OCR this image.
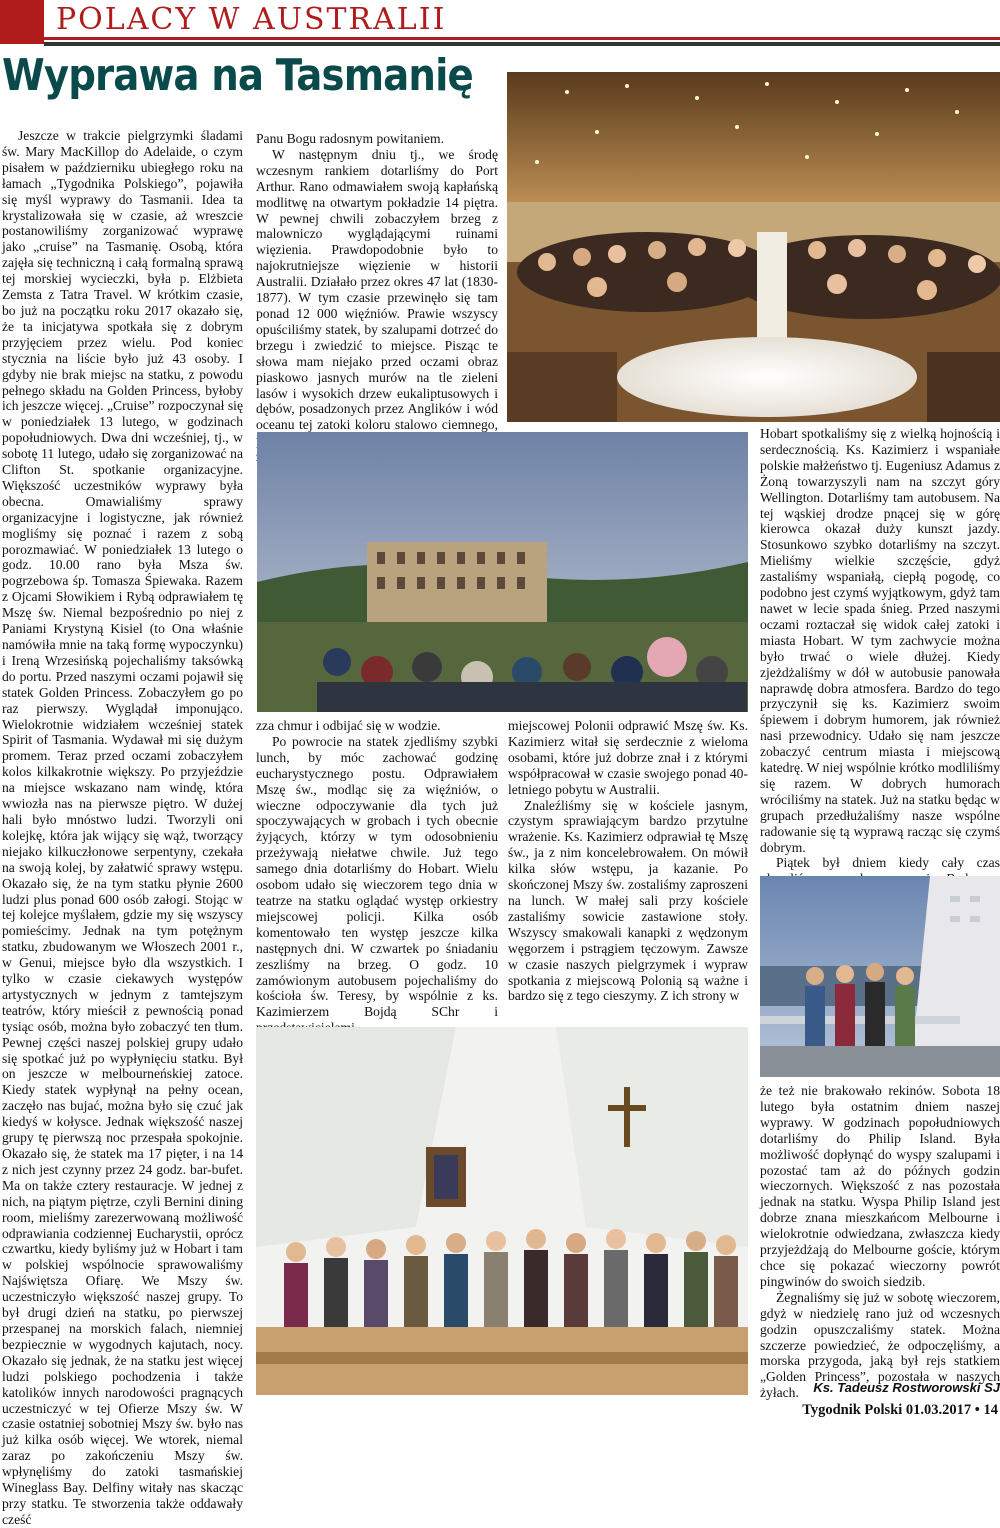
POLACY W AUSTRALII
Wyprawa na Tasmanię

Jeszcze w trakcie pielgrzymki śladami św. Mary MacKillop do Adelaide, o czym pisałem w październiku ubiegłego roku na łamach „Tygodnika Polskiego”, pojawiła się myśl wyprawy do Tasmanii. Idea ta krystalizowała się w czasie, aż wreszcie postanowiliśmy zorganizować wyprawę jako „cruise” na Tasmanię. Osobą, która zajęła się techniczną i całą formalną sprawą tej morskiej wycieczki, była p. Elżbieta Zemsta z Tatra Travel. W krótkim czasie, bo już na początku roku 2017 okazało się, że ta inicjatywa spotkała się z dobrym przyjęciem przez wielu. Pod koniec stycznia na liście było już 43 osoby. I gdyby nie brak miejsc na statku, z powodu pełnego składu na Golden Princess, byłoby ich jeszcze więcej. „Cruise” rozpoczynał się w poniedziałek 13 lutego, w godzinach popołudniowych. Dwa dni wcześniej, tj., w sobotę 11 lutego, udało się zorganizować na Clifton St. spotkanie organizacyjne. Większość uczestników wyprawy była obecna. Omawialiśmy sprawy organizacyjne i logistyczne, jak również mogliśmy się poznać i razem z sobą porozmawiać. W poniedziałek 13 lutego o godz. 10.00 rano była Msza św. pogrzebowa śp. Tomasza Śpiewaka. Razem z Ojcami Słowikiem i Rybą odprawiałem tę Mszę św. Niemal bezpośrednio po niej z Paniami Krystyną Kisiel (to Ona właśnie namówiła mnie na taką formę wypoczynku) i Ireną Wrzesińską pojechaliśmy taksówką do portu. Przed naszymi oczami pojawił się statek Golden Princess. Zobaczyłem go po raz pierwszy. Wyglądał imponująco. Wielokrotnie widziałem wcześniej statek Spirit of Tasmania. Wydawał mi się dużym promem. Teraz przed oczami zobaczyłem kolos kilkakrotnie większy. Po przyjeździe na miejsce wskazano nam windę, która wwiozła nas na pierwsze piętro. W dużej hali było mnóstwo ludzi. Tworzyli oni kolejkę, która jak wijący się wąż, tworzący niejako kilkuczłonowe serpentyny, czekała na swoją kolej, by załatwić sprawy wstępu. Okazało się, że na tym statku płynie 2600 ludzi plus ponad 600 osób załogi. Stojąc w tej kolejce myślałem, gdzie my się wszyscy pomieścimy. Jednak na tym potężnym statku, zbudowanym we Włoszech 2001 r., w Genui, miejsce było dla wszystkich. I tylko w czasie ciekawych występów artystycznych w jednym z tamtejszym teatrów, który mieścił z pewnością ponad tysiąc osób, można było zobaczyć ten tłum. Pewnej części naszej polskiej grupy udało się spotkać już po wypłynięciu statku. Był on jeszcze w melbourneńskiej zatoce. Kiedy statek wypłynął na pełny ocean, zaczęło nas bujać, można było się czuć jak kiedyś w kołysce. Jednak większość naszej grupy tę pierwszą noc przespała spokojnie. Okazało się, że statek ma 17 pięter, i na 14 z nich jest czynny przez 24 godz. bar-bufet. Ma on także cztery restauracje. W jednej z nich, na piątym piętrze, czyli Bernini dining room, mieliśmy zarezerwowaną możliwość odprawiania codziennej Eucharystii, oprócz czwartku, kiedy byliśmy już w Hobart i tam w polskiej wspólnocie sprawowaliśmy Najświętsza Ofiarę. We Mszy św. uczestniczyło większość naszej grupy. To był drugi dzień na statku, po pierwszej przespanej na morskich falach, niemniej bezpiecznie w wygodnych kajutach, nocy. Okazało się jednak, że na statku jest więcej ludzi polskiego pochodzenia i także katolików innych narodowości pragnących uczestniczyć w tej Ofierze Mszy św. W czasie ostatniej sobotniej Mszy św. było nas już kilka osób więcej. We wtorek, niemal zaraz po zakończeniu Mszy św. wpłynęliśmy do zatoki tasmańskiej Wineglass Bay. Delfiny witały nas skacząc przy statku. Te stworzenia także oddawały cześć

Panu Bogu radosnym powitaniem.

W następnym dniu tj., we środę wczesnym rankiem dotarliśmy do Port Arthur. Rano odmawiałem swoją kapłańską modlitwę na otwartym pokładzie 14 piętra. W pewnej chwili zobaczyłem brzeg z malowniczo wyglądającymi ruinami więzienia. Prawdopodobnie było to najokrutniejsze więzienie w historii Australii. Działało przez okres 47 lat (1830-1877). W tym czasie przewinęło się tam ponad 12 000 więźniów. Prawie wszyscy opuściliśmy statek, by szalupami dotrzeć do brzegu i zwiedzić to miejsce. Pisząc te słowa mam niejako przed oczami obraz piaskowo jasnych murów na tle zieleni lasów i wysokich drzew eukaliptusowych i dębów, posadzonych przez Anglików i wód oceanu tej zatoki koloru stalowo ciemnego,

zza chmur i odbijać się w wodzie.

Po powrocie na statek zjedliśmy szybki lunch, by móc zachować godzinę eucharystycznego postu. Odprawiałem Mszę św., modląc się za więźniów, o wieczne odpoczywanie dla tych już spoczywających w grobach i tych obecnie żyjących, którzy w tym odosobnieniu przeżywają niełatwe chwile. Już tego samego dnia dotarliśmy do Hobart. Wielu osobom udało się wieczorem tego dnia w teatrze na statku oglądać występ orkiestry miejscowej policji. Kilka osób komentowało ten występ jeszcze kilka następnych dni. W czwartek po śniadaniu zeszliśmy na brzeg. O godz. 10 zamówionym autobusem pojechaliśmy do kościoła św. Teresy, by wspólnie z ks. Kazimierzem Bojdą SChr i

miejscowej Polonii odprawić Mszę św. Ks. Kazimierz witał się serdecznie z wieloma osobami, które już dobrze znał i z którymi współpracował w czasie swojego ponad 40-letniego pobytu w Australii.

Znaleźliśmy się w kościele jasnym, czystym sprawiającym bardzo przytulne wrażenie. Ks. Kazimierz odprawiał tę Mszę św., ja z nim koncelebrowałem. On mówił kilka słów wstępu, ja kazanie. Po skończonej Mszy św. zostaliśmy zaproszeni na lunch. W małej sali przy kościele zastaliśmy sowicie zastawione stoły. Wszyscy smakowali kanapki z wędzonym węgorzem i pstrągiem tęczowym. Zawsze w czasie naszych pielgrzymek i wypraw spotkania z miejscową Polonią są ważne i bardzo się z tego cieszymy. Z ich strony w

Hobart spotkaliśmy się z wielką hojnością i serdecznością. Ks. Kazimierz i wspaniałe polskie małżeństwo tj. Eugeniusz Adamus z Żoną towarzyszyli nam na szczyt góry Wellington. Dotarliśmy tam autobusem. Na tej wąskiej drodze pnącej się w górę kierowca okazał duży kunszt jazdy. Stosunkowo szybko dotarliśmy na szczyt. Mieliśmy wielkie szczęście, gdyż zastaliśmy wspaniałą, ciepłą pogodę, co podobno jest czymś wyjątkowym, gdyż tam nawet w lecie spada śnieg. Przed naszymi oczami roztaczał się widok całej zatoki i miasta Hobart. W tym zachwycie można było trwać o wiele dłużej. Kiedy zjeżdżaliśmy w dół w autobusie panowała naprawdę dobra atmosfera. Bardzo do tego przyczynił się ks. Kazimierz swoim śpiewem i dobrym humorem, jak również nasi przewodnicy. Udało się nam jeszcze zobaczyć centrum miasta i miejscową katedrę. W niej wspólnie krótko modliliśmy się razem. W dobrych humorach wróciliśmy na statek. Już na statku będąc w grupach przedłużaliśmy nasze wspólne radowanie się tą wyprawą racząc się czymś dobrym.

Piątek był dniem kiedy cały czas

że też nie brakowało rekinów. Sobota 18 lutego była ostatnim dniem naszej wyprawy. W godzinach popołudniowych dotarliśmy do Philip Island. Była możliwość dopłynąć do wyspy szalupami i pozostać tam aż do późnych godzin wieczornych. Większość z nas pozostała jednak na statku. Wyspa Philip Island jest dobrze znana mieszkańcom Melbourne i wielokrotnie odwiedzana, zwłaszcza kiedy przyjeżdżają do Melbourne goście, którym chce się pokazać wieczorny powrót pingwinów do swoich siedzib.

Żegnaliśmy się już w sobotę wieczorem, gdyż w niedzielę rano już od wczesnych godzin opuszczaliśmy statek. Można szczerze powiedzieć, że odpoczęliśmy, a morska przygoda, jaką był rejs statkiem „Golden Princess”, pozostała w naszych żyłach.	Ks. Tadeusz Rostworowski SJ
Tygodnik Polski 01.03.2017 • 14
